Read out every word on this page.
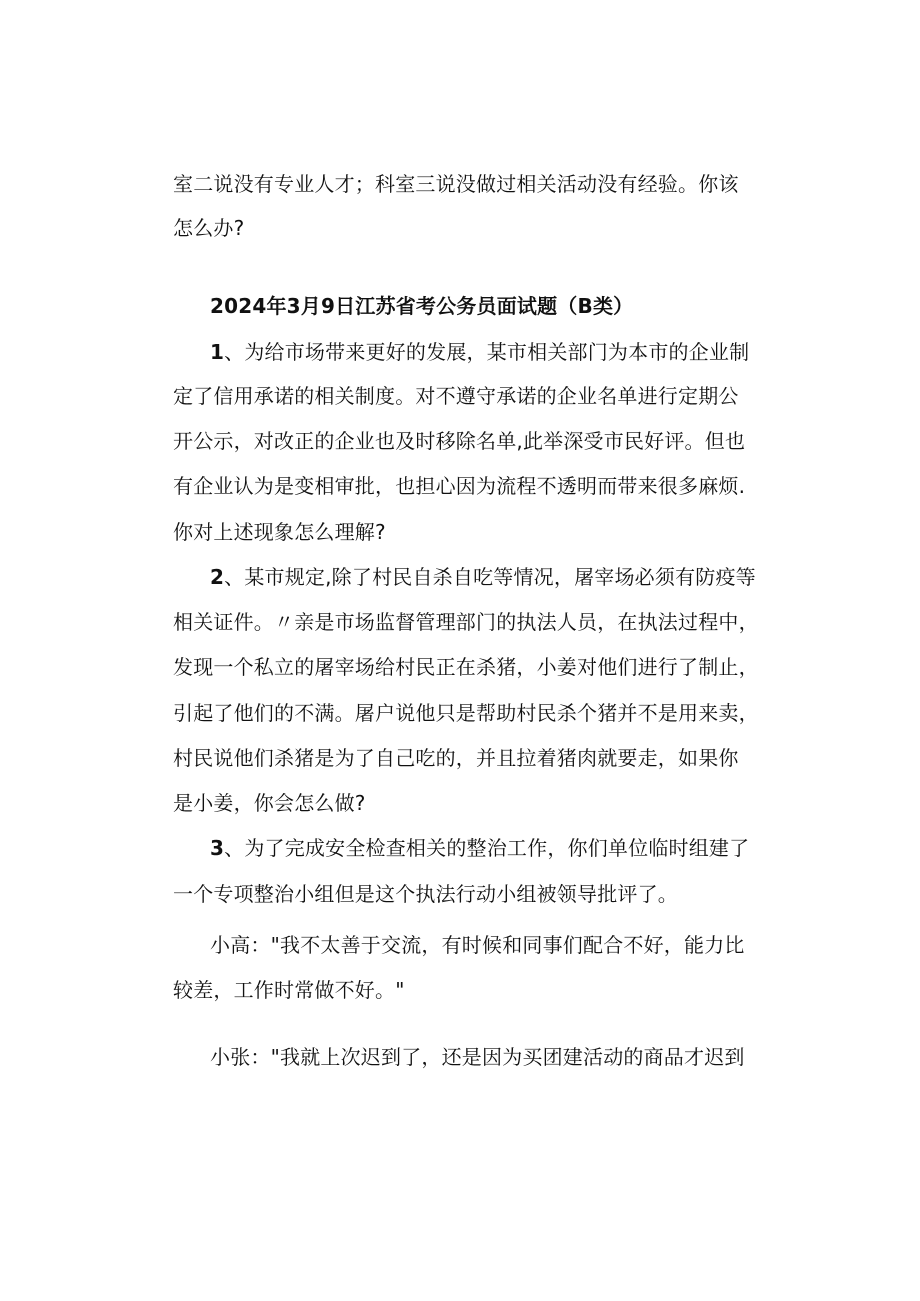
室二说没有专业人才；科室三说没做过相关活动没有经验。你该
怎么办?
2024年3月9日江苏省考公务员面试题（B类）
1、为给市场带来更好的发展，某市相关部门为本市的企业制
定了信用承诺的相关制度。对不遵守承诺的企业名单进行定期公
开公示，对改正的企业也及时移除名单,此举深受市民好评。但也
有企业认为是变相审批，也担心因为流程不透明而带来很多麻烦.
你对上述现象怎么理解?
2、某市规定,除了村民自杀自吃等情况，屠宰场必须有防疫等
相关证件。〃亲是市场监督管理部门的执法人员，在执法过程中，
发现一个私立的屠宰场给村民正在杀猪，小姜对他们进行了制止，
引起了他们的不满。屠户说他只是帮助村民杀个猪并不是用来卖，
村民说他们杀猪是为了自己吃的，并且拉着猪肉就要走，如果你
是小姜，你会怎么做?
3、为了完成安全检查相关的整治工作，你们单位临时组建了
一个专项整治小组但是这个执法行动小组被领导批评了。
小高："我不太善于交流，有时候和同事们配合不好，能力比
较差，工作时常做不好。"
小张："我就上次迟到了，还是因为买团建活动的商品才迟到
